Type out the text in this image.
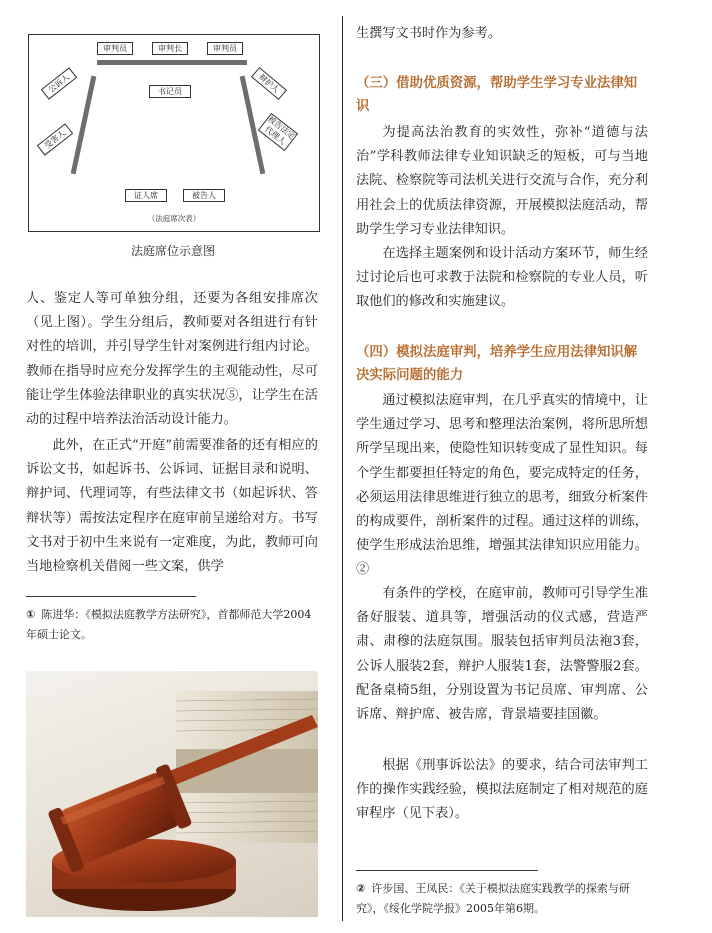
审判员	审判长	审判员
书记员
公诉人
受害人
辩护人
被告法定代理人
证人席	被告人
（法庭席次表）
法庭席位示意图

人、鉴定人等可单独分组，还要为各组安排席次（见上图）。学生分组后，教师要对各组进行有针对性的培训，并引导学生针对案例进行组内讨论。教师在指导时应充分发挥学生的主观能动性，尽可能让学生体验法律职业的真实状况⑤，让学生在活动的过程中培养法治活动设计能力。

此外，在正式“开庭”前需要准备的还有相应的诉讼文书，如起诉书、公诉词、证据目录和说明、辩护词、代理词等，有些法律文书（如起诉状、答辩状等）需按法定程序在庭审前呈递给对方。书写文书对于初中生来说有一定难度，为此，教师可向当地检察机关借阅一些文案，供学

① 陈进华：《模拟法庭教学方法研究》，首都师范大学2004年硕士论文。

生撰写文书时作为参考。

（三）借助优质资源，帮助学生学习专业法律知识

为提高法治教育的实效性，弥补“道德与法治”学科教师法律专业知识缺乏的短板，可与当地法院、检察院等司法机关进行交流与合作，充分利用社会上的优质法律资源，开展模拟法庭活动，帮助学生学习专业法律知识。

在选择主题案例和设计活动方案环节，师生经过讨论后也可求教于法院和检察院的专业人员，听取他们的修改和实施建议。

（四）模拟法庭审判，培养学生应用法律知识解决实际问题的能力

通过模拟法庭审判，在几乎真实的情境中，让学生通过学习、思考和整理法治案例，将所思所想所学呈现出来，使隐性知识转变成了显性知识。每个学生都要担任特定的角色，要完成特定的任务，必须运用法律思维进行独立的思考，细致分析案件的构成要件，剖析案件的过程。通过这样的训练，使学生形成法治思维，增强其法律知识应用能力。②

有条件的学校，在庭审前，教师可引导学生准备好服装、道具等，增强活动的仪式感，营造严肃、肃穆的法庭氛围。服装包括审判员法袍3套，公诉人服装2套，辩护人服装1套，法警警服2套。配备桌椅5组，分别设置为书记员席、审判席、公诉席、辩护席、被告席，背景墙要挂国徽。

根据《刑事诉讼法》的要求，结合司法审判工作的操作实践经验，模拟法庭制定了相对规范的庭审程序（见下表）。

② 许步国、王凤民：《关于模拟法庭实践教学的探索与研究》，《绥化学院学报》2005年第6期。
